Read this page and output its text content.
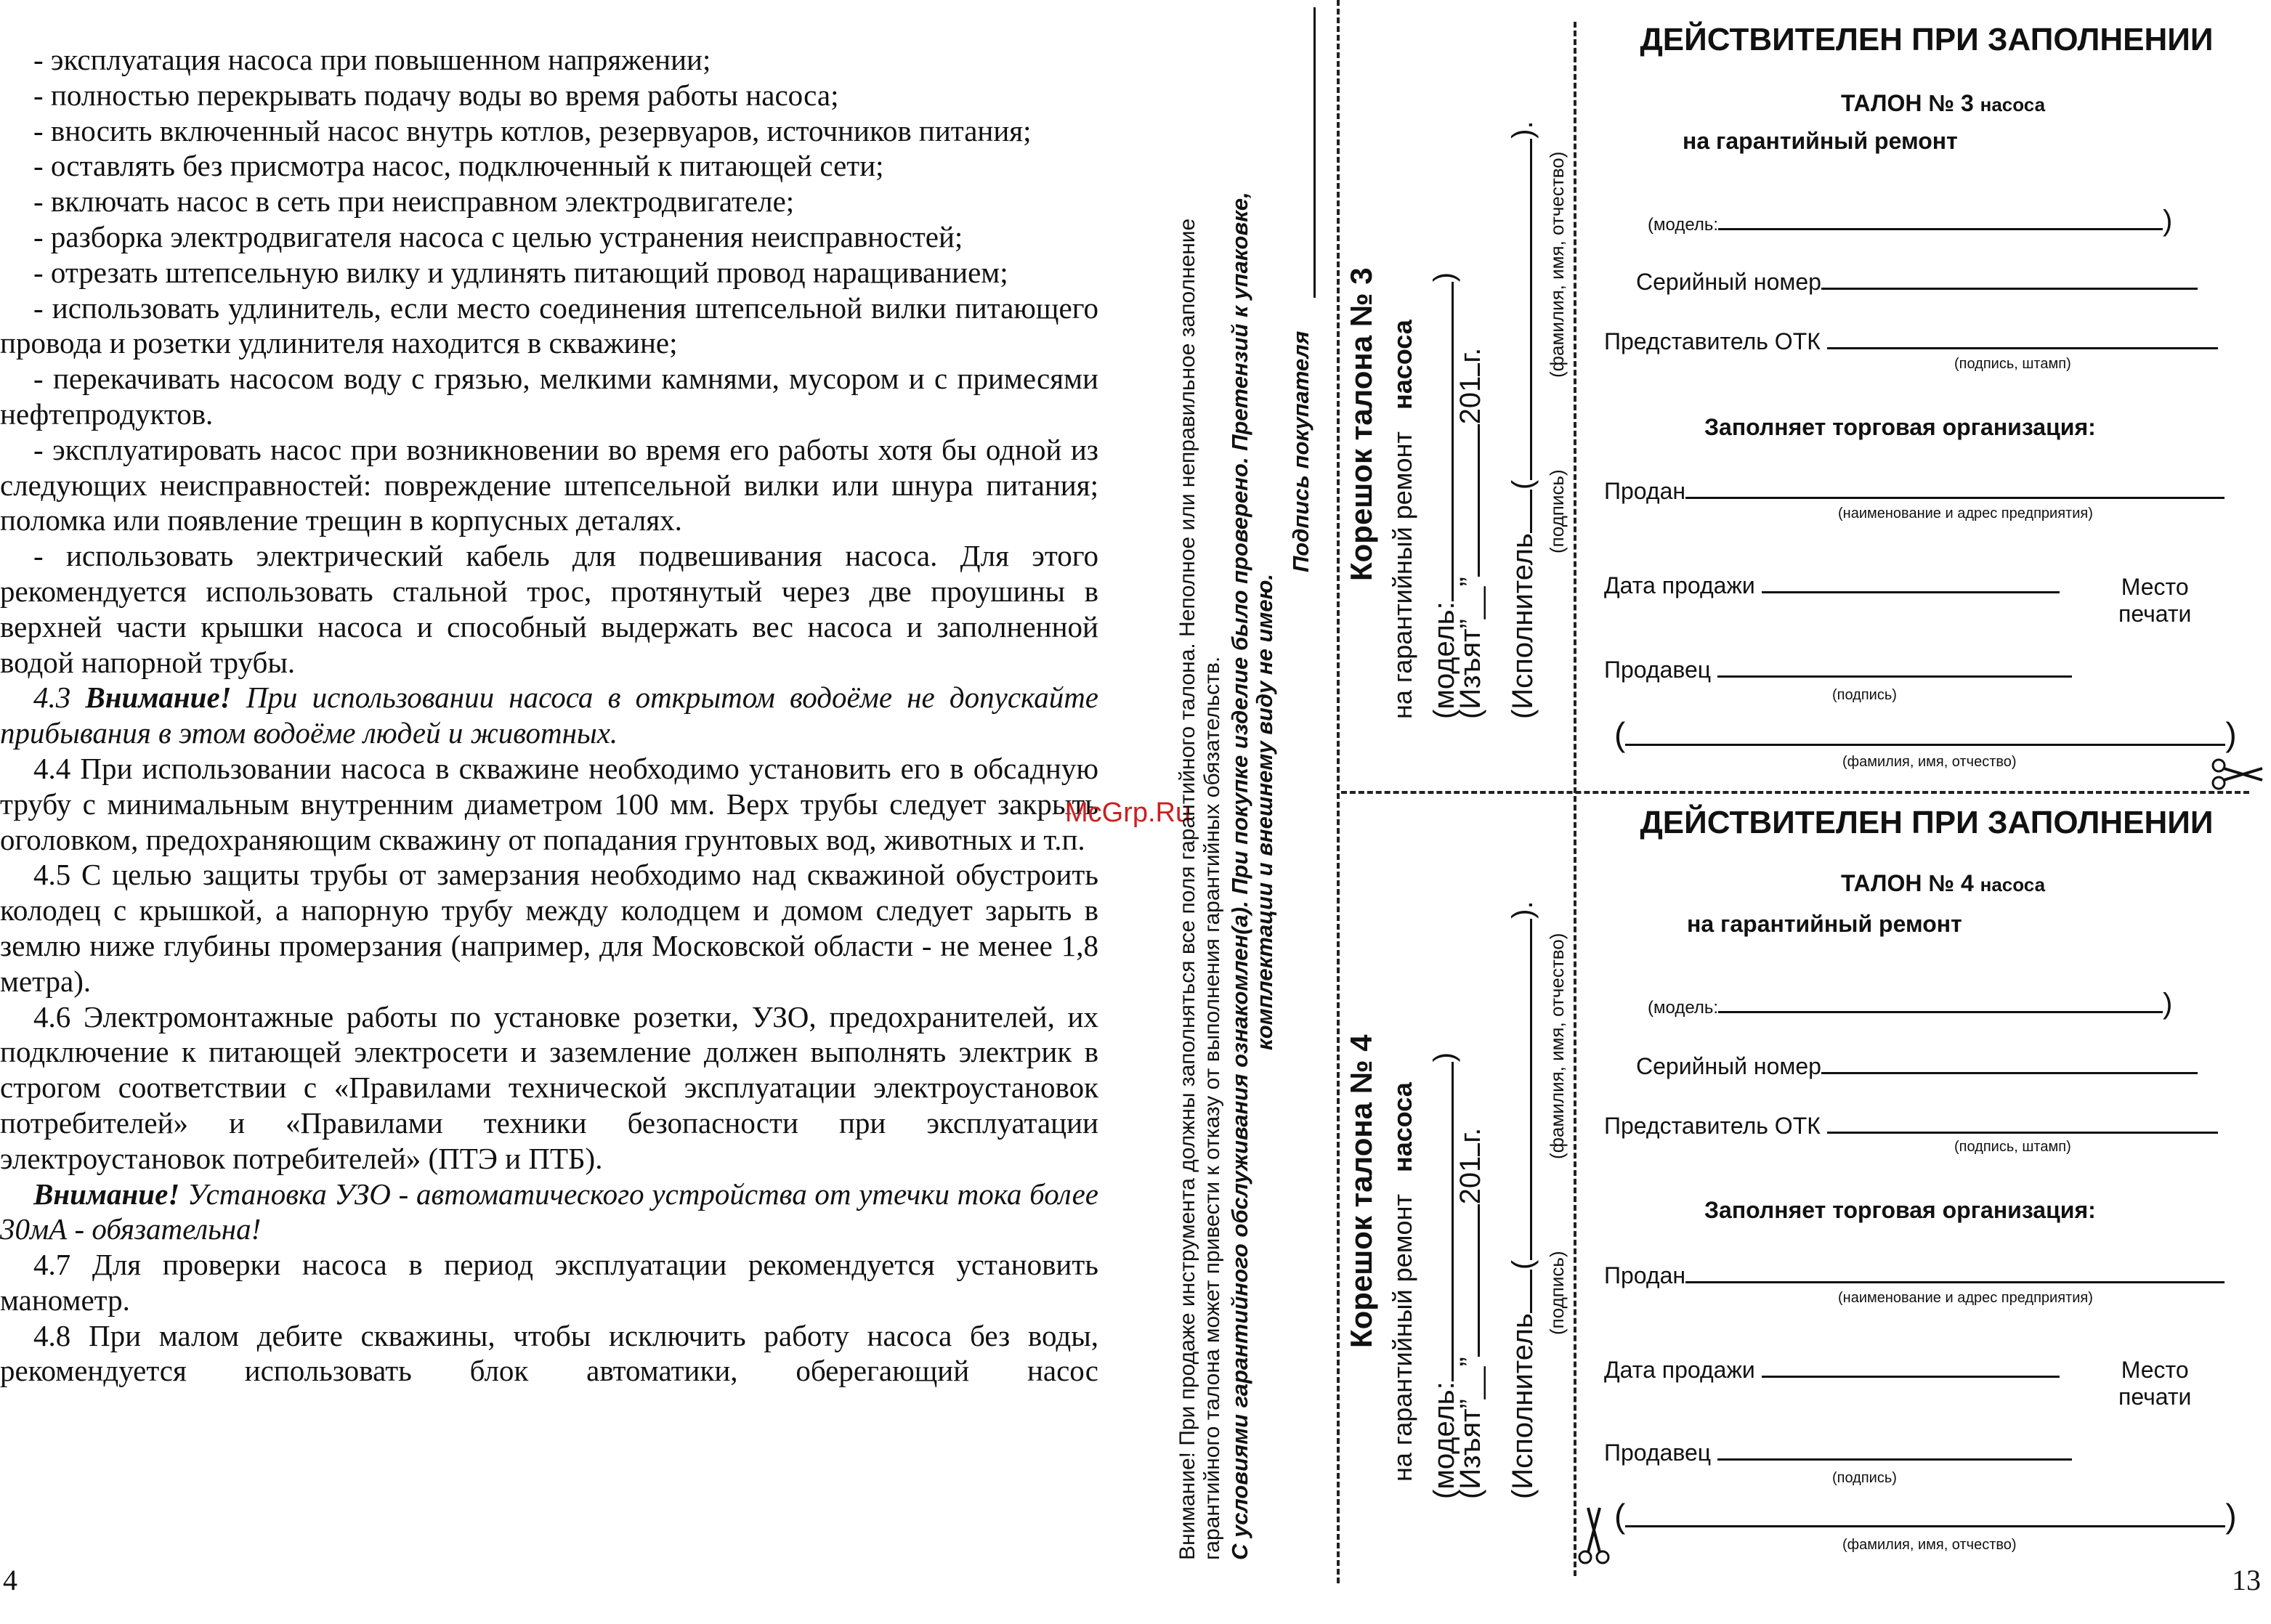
- эксплуатация насоса при повышенном напряжении;

- полностью перекрывать подачу воды во время работы насоса;

- вносить включенный насос внутрь котлов, резервуаров, источников питания;

- оставлять без присмотра насос, подключенный к питающей сети;

- включать насос в сеть при неисправном электродвигателе;

- разборка электродвигателя насоса с целью устранения неисправностей;

- отрезать штепсельную вилку и удлинять питающий провод наращиванием;

- использовать удлинитель, если место соединения штепсельной вилки питающего провода и розетки удлинителя находится в скважине;

- перекачивать насосом воду с грязью, мелкими камнями, мусором и с примесями нефтепродуктов.

- эксплуатировать насос при возникновении во время его работы хотя бы одной из следующих неисправностей: повреждение штепсельной вилки или шнура питания; поломка или появление трещин в корпусных деталях.

- использовать электрический кабель для подвешивания насоса. Для этого рекомендуется использовать стальной трос, протянутый через две проушины в верхней части крышки насоса и способный выдержать вес насоса и заполненной водой напорной трубы.

4.3 Внимание! При использовании насоса в открытом водоёме не допускайте прибывания в этом водоёме людей и животных.

4.4 При использовании насоса в скважине необходимо установить его в обсадную трубу с минимальным внутренним диаметром 100 мм. Верх трубы следует закрыть оголовком, предохраняющим скважину от попадания грунтовых вод, животных и т.п.

4.5 С целью защиты трубы от замерзания необходимо над скважиной обустроить колодец с крышкой, а напорную трубу между колодцем и домом следует зарыть в землю ниже глубины промерзания (например, для Московской области - не менее 1,8 метра).

4.6 Электромонтажные работы по установке розетки, УЗО, предохранителей, их подключение к питающей электросети и заземление должен выполнять электрик в строгом соответствии с «Правилами технической эксплуатации электроустановок потребителей» и «Правилами техники безопасности при эксплуатации электроустановок потребителей» (ПТЭ и ПТБ).

Внимание! Установка УЗО - автоматического устройства от утечки тока более 30мА - обязательна!

4.7 Для проверки насоса в период эксплуатации рекомендуется установить манометр.

4.8 При малом дебите скважины, чтобы исключить работу насоса без воды, рекомендуется использовать блок автоматики, оберегающий насос

4
McGrp.Ru
Внимание! При продаже инструмента должны заполняться все поля гарантийного талона. Неполное или неправильное заполнение гарантийного талона может привести к отказу от выполнения гарантийных обязательств. С условиями гарантийного обслуживания ознакомлен(а). При покупке изделие было проверено. Претензий к упаковке, комплектации и внешнему виду не имею.
Подпись покупателя Корешок талона № 3 на гарантийный ремонт   насоса
(модель:)
(Изъят”__”201г.
(Исполнитель().
(подпись)
(фамилия, имя, отчество)
Корешок талона № 4 на гарантийный ремонт   насоса
(модель:)
(Изъят”__”201г.
(Исполнитель().
(подпись)
(фамилия, имя, отчество)
ДЕЙСТВИТЕЛЕН ПРИ ЗАПОЛНЕНИИ
ТАЛОН № 3 насоса
на гарантийный ремонт
(модель:	)
Серийный номер
Представитель ОТК
(подпись, штамп)
Заполняет торговая организация:
Продан
(наименование и адрес предприятия)
Дата продажи	Место
печати
Продавец
(подпись)
(	)
(фамилия, имя, отчество)
ДЕЙСТВИТЕЛЕН ПРИ ЗАПОЛНЕНИИ
ТАЛОН № 4 насоса
на гарантийный ремонт
(модель:	)
Серийный номер
Представитель ОТК
(подпись, штамп)
Заполняет торговая организация:
Продан
(наименование и адрес предприятия)
Дата продажи	Место
печати
Продавец
(подпись)
(	)
(фамилия, имя, отчество)
13
